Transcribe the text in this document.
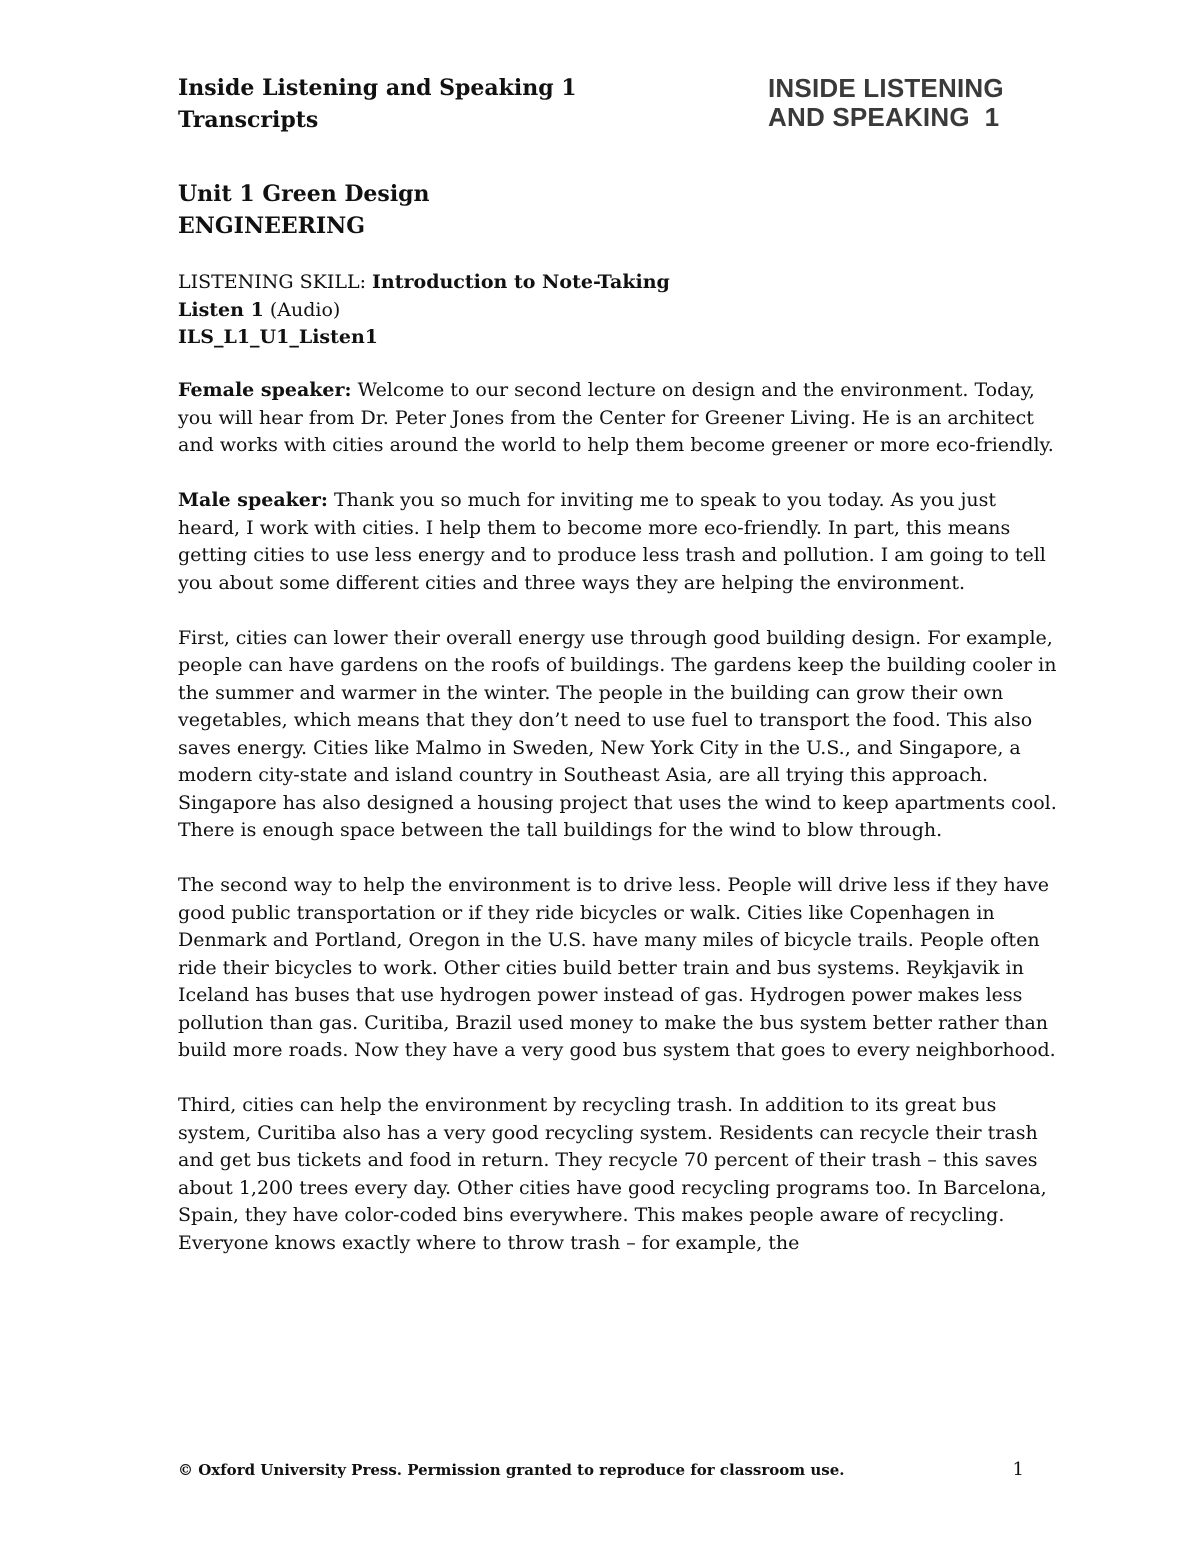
Inside Listening and Speaking 1
Transcripts
INSIDE LISTENING
AND SPEAKING  1
Unit 1 Green Design
ENGINEERING
LISTENING SKILL: Introduction to Note-Taking
Listen 1 (Audio)
ILS_L1_U1_Listen1

Female speaker: Welcome to our second lecture on design and the environment. Today, you will hear from Dr. Peter Jones from the Center for Greener Living. He is an architect and works with cities around the world to help them become greener or more eco-friendly.

Male speaker: Thank you so much for inviting me to speak to you today. As you just heard, I work with cities. I help them to become more eco-friendly. In part, this means getting cities to use less energy and to produce less trash and pollution. I am going to tell you about some different cities and three ways they are helping the environment.

First, cities can lower their overall energy use through good building design. For example, people can have gardens on the roofs of buildings. The gardens keep the building cooler in the summer and warmer in the winter. The people in the building can grow their own vegetables, which means that they don’t need to use fuel to transport the food. This also saves energy. Cities like Malmo in Sweden, New York City in the U.S., and Singapore, a modern city-state and island country in Southeast Asia, are all trying this approach. Singapore has also designed a housing project that uses the wind to keep apartments cool. There is enough space between the tall buildings for the wind to blow through.

The second way to help the environment is to drive less. People will drive less if they have good public transportation or if they ride bicycles or walk. Cities like Copenhagen in Denmark and Portland, Oregon in the U.S. have many miles of bicycle trails. People often ride their bicycles to work. Other cities build better train and bus systems. Reykjavik in Iceland has buses that use hydrogen power instead of gas. Hydrogen power makes less pollution than gas. Curitiba, Brazil used money to make the bus system better rather than build more roads. Now they have a very good bus system that goes to every neighborhood.

Third, cities can help the environment by recycling trash. In addition to its great bus system, Curitiba also has a very good recycling system. Residents can recycle their trash and get bus tickets and food in return. They recycle 70 percent of their trash – this saves about 1,200 trees every day. Other cities have good recycling programs too. In Barcelona, Spain, they have color-coded bins everywhere. This makes people aware of recycling. Everyone knows exactly where to throw trash – for example, the

© Oxford University Press. Permission granted to reproduce for classroom use.	1
